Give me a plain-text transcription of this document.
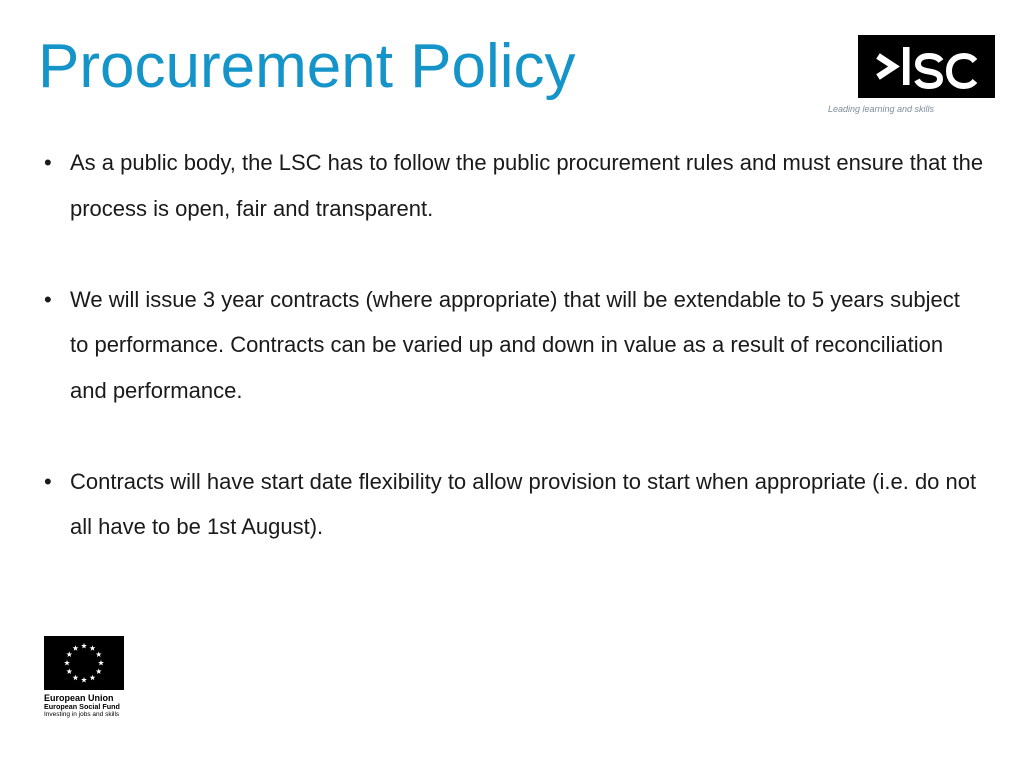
Procurement Policy
Leading learning and skills
• As a public body, the LSC has to follow the public procurement rules and must ensure that the process is open, fair and transparent.
• We will issue 3 year contracts (where appropriate) that will be extendable to 5 years subject to performance. Contracts can be varied up and down in value as a result of reconciliation and performance.
• Contracts will have start date flexibility to allow provision to start when appropriate (i.e. do not all have to be 1st August).
European Union
European Social Fund
Investing in jobs and skills
